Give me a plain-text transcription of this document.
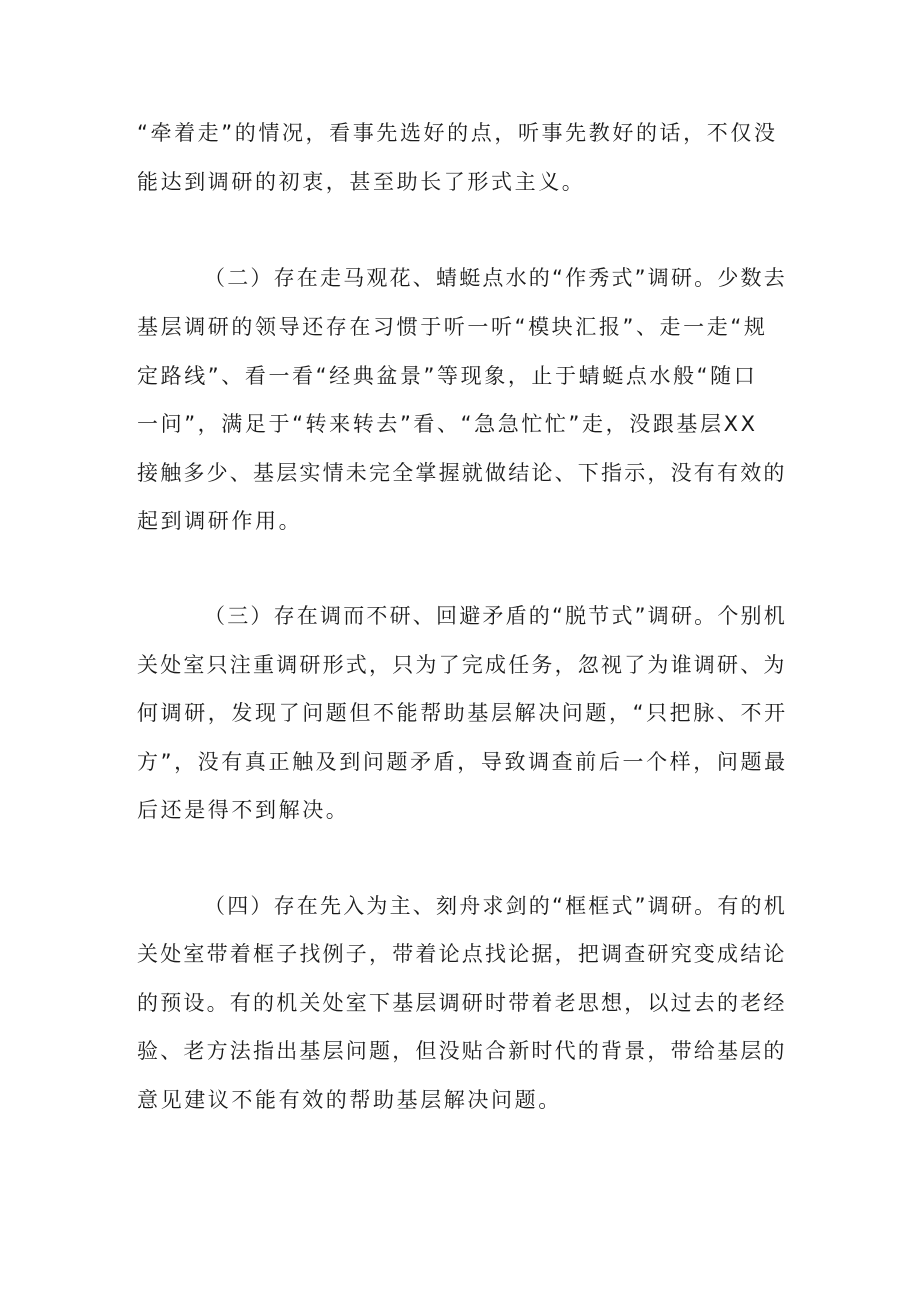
“牵着走”的情况，看事先选好的点，听事先教好的话，不仅没
能达到调研的初衷，甚至助长了形式主义。
（二）存在走马观花、蜻蜓点水的“作秀式”调研。少数去
基层调研的领导还存在习惯于听一听“模块汇报”、走一走“规
定路线”、看一看“经典盆景”等现象，止于蜻蜓点水般“随口
一问”，满足于“转来转去”看、“急急忙忙”走，没跟基层XX
接触多少、基层实情未完全掌握就做结论、下指示，没有有效的
起到调研作用。
（三）存在调而不研、回避矛盾的“脱节式”调研。个别机
关处室只注重调研形式，只为了完成任务，忽视了为谁调研、为
何调研，发现了问题但不能帮助基层解决问题，“只把脉、不开
方”，没有真正触及到问题矛盾，导致调查前后一个样，问题最
后还是得不到解决。
（四）存在先入为主、刻舟求剑的“框框式”调研。有的机
关处室带着框子找例子，带着论点找论据，把调查研究变成结论
的预设。有的机关处室下基层调研时带着老思想，以过去的老经
验、老方法指出基层问题，但没贴合新时代的背景，带给基层的
意见建议不能有效的帮助基层解决问题。
